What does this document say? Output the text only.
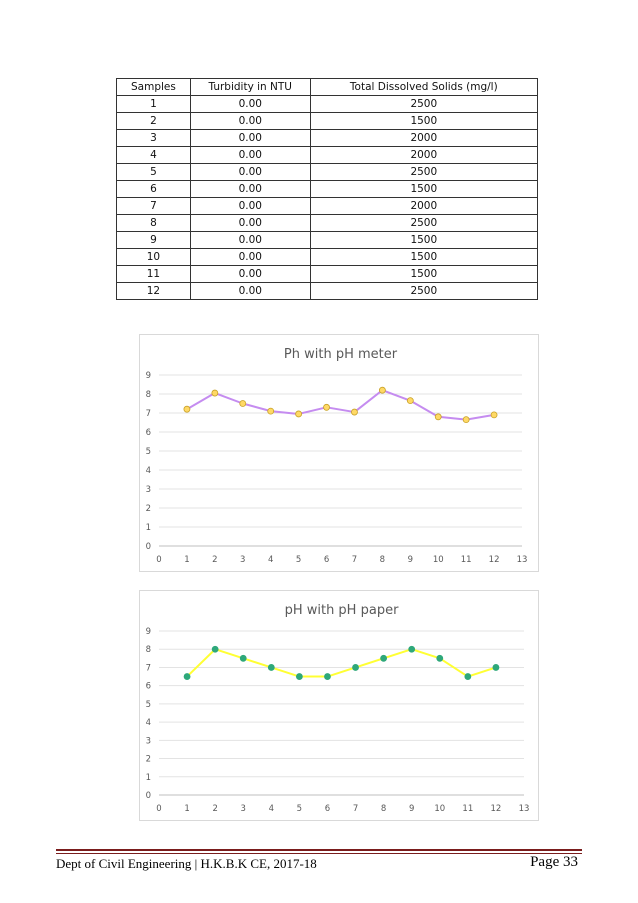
Samples	Turbidity in NTU	Total Dissolved Solids (mg/l)
1	0.00	2500
2	0.00	1500
3	0.00	2000
4	0.00	2000
5	0.00	2500
6	0.00	1500
7	0.00	2000
8	0.00	2500
9	0.00	1500
10	0.00	1500
11	0.00	1500
12	0.00	2500
Ph with pH meter
0
1
2
3
4
5
6
7
8
9
0	1	2	3	4	5	6	7	8	9 10 11 12 13
pH with pH paper
0
1
2
3
4
5
6
7
8
9
0	1	2	3	4	5	6	7	8	9 10 11 12 13
Dept of Civil Engineering | H.K.B.K CE, 2017-18	Page 33
